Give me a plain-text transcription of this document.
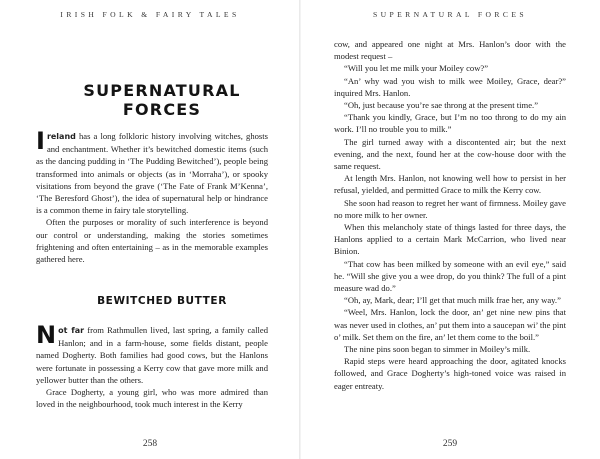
IRISH FOLK & FAIRY TALES
SUPERNATURAL FORCES

Ireland has a long folkloric history involving witches, ghosts and enchantment. Whether it’s bewitched domestic items (such as the dancing pudding in ‘The Pudding Bewitched’), people being transformed into animals or objects (as in ‘Morraha’), or spooky visitations from beyond the grave (‘The Fate of Frank M’Kenna’, ‘The Beresford Ghost’), the idea of supernatural help or hindrance is a common theme in fairy tale storytelling.

Often the purposes or morality of such interference is beyond our control or understanding, making the stories sometimes frightening and often entertaining – as in the memorable examples gathered here.

BEWITCHED BUTTER

Not far from Rathmullen lived, last spring, a family called Hanlon; and in a farm-house, some fields distant, people named Dogherty. Both families had good cows, but the Hanlons were fortunate in possessing a Kerry cow that gave more milk and yellower butter than the others.

Grace Dogherty, a young girl, who was more admired than loved in the neighbourhood, took much interest in the Kerry

258
SUPERNATURAL FORCES

cow, and appeared one night at Mrs. Hanlon’s door with the modest request –

“Will you let me milk your Moiley cow?”

“An’ why wad you wish to milk wee Moiley, Grace, dear?” inquired Mrs. Hanlon.

“Oh, just because you’re sae throng at the present time.”

“Thank you kindly, Grace, but I’m no too throng to do my ain work. I’ll no trouble you to milk.”

The girl turned away with a discontented air; but the next evening, and the next, found her at the cow-house door with the same request.

At length Mrs. Hanlon, not knowing well how to persist in her refusal, yielded, and permitted Grace to milk the Kerry cow.

She soon had reason to regret her want of firmness. Moiley gave no more milk to her owner.

When this melancholy state of things lasted for three days, the Hanlons applied to a certain Mark McCarrion, who lived near Binion.

“That cow has been milked by someone with an evil eye,” said he. “Will she give you a wee drop, do you think? The full of a pint measure wad do.”

“Oh, ay, Mark, dear; I’ll get that much milk frae her, any way.”

“Weel, Mrs. Hanlon, lock the door, an’ get nine new pins that was never used in clothes, an’ put them into a saucepan wi’ the pint o’ milk. Set them on the fire, an’ let them come to the boil.”

The nine pins soon began to simmer in Moiley’s milk.

Rapid steps were heard approaching the door, agitated knocks followed, and Grace Dogherty’s high-toned voice was raised in eager entreaty.

259
